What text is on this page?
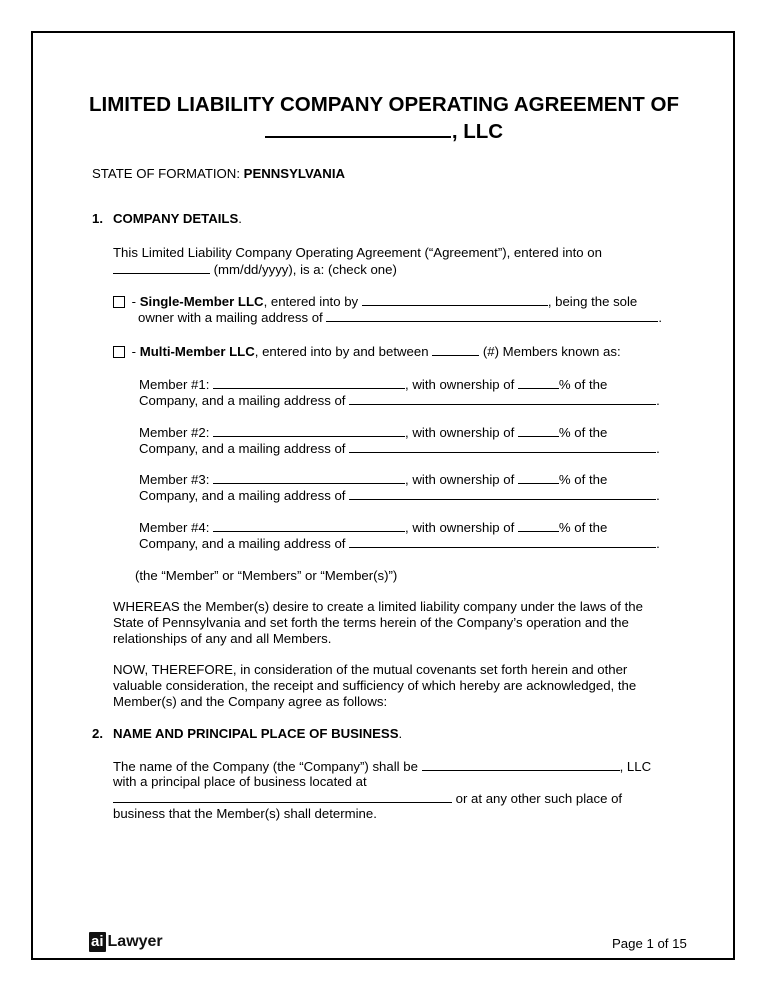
LIMITED LIABILITY COMPANY OPERATING AGREEMENT OF
, LLC
STATE OF FORMATION: PENNSYLVANIA
1. COMPANY DETAILS.
This Limited Liability Company Operating Agreement (“Agreement”), entered into on
(mm/dd/yyyy), is a: (check one)
- Single-Member LLC, entered into by	, being the sole
owner with a mailing address of	.
- Multi-Member LLC, entered into by and between	(#) Members known as:
Member #1:	, with ownership of	% of the
Company, and a mailing address of	.
Member #2:	, with ownership of	% of the
Company, and a mailing address of	.
Member #3:	, with ownership of	% of the
Company, and a mailing address of	.
Member #4:	, with ownership of	% of the
Company, and a mailing address of	.
(the “Member” or “Members” or “Member(s)”)
WHEREAS the Member(s) desire to create a limited liability company under the laws of the
State of Pennsylvania and set forth the terms herein of the Company’s operation and the
relationships of any and all Members.
NOW, THEREFORE, in consideration of the mutual covenants set forth herein and other
valuable consideration, the receipt and sufficiency of which hereby are acknowledged, the
Member(s) and the Company agree as follows:
2. NAME AND PRINCIPAL PLACE OF BUSINESS.
The name of the Company (the “Company”) shall be	, LLC
with a principal place of business located at
or at any other such place of
business that the Member(s) shall determine.
ai Lawyer	Page 1 of 15
